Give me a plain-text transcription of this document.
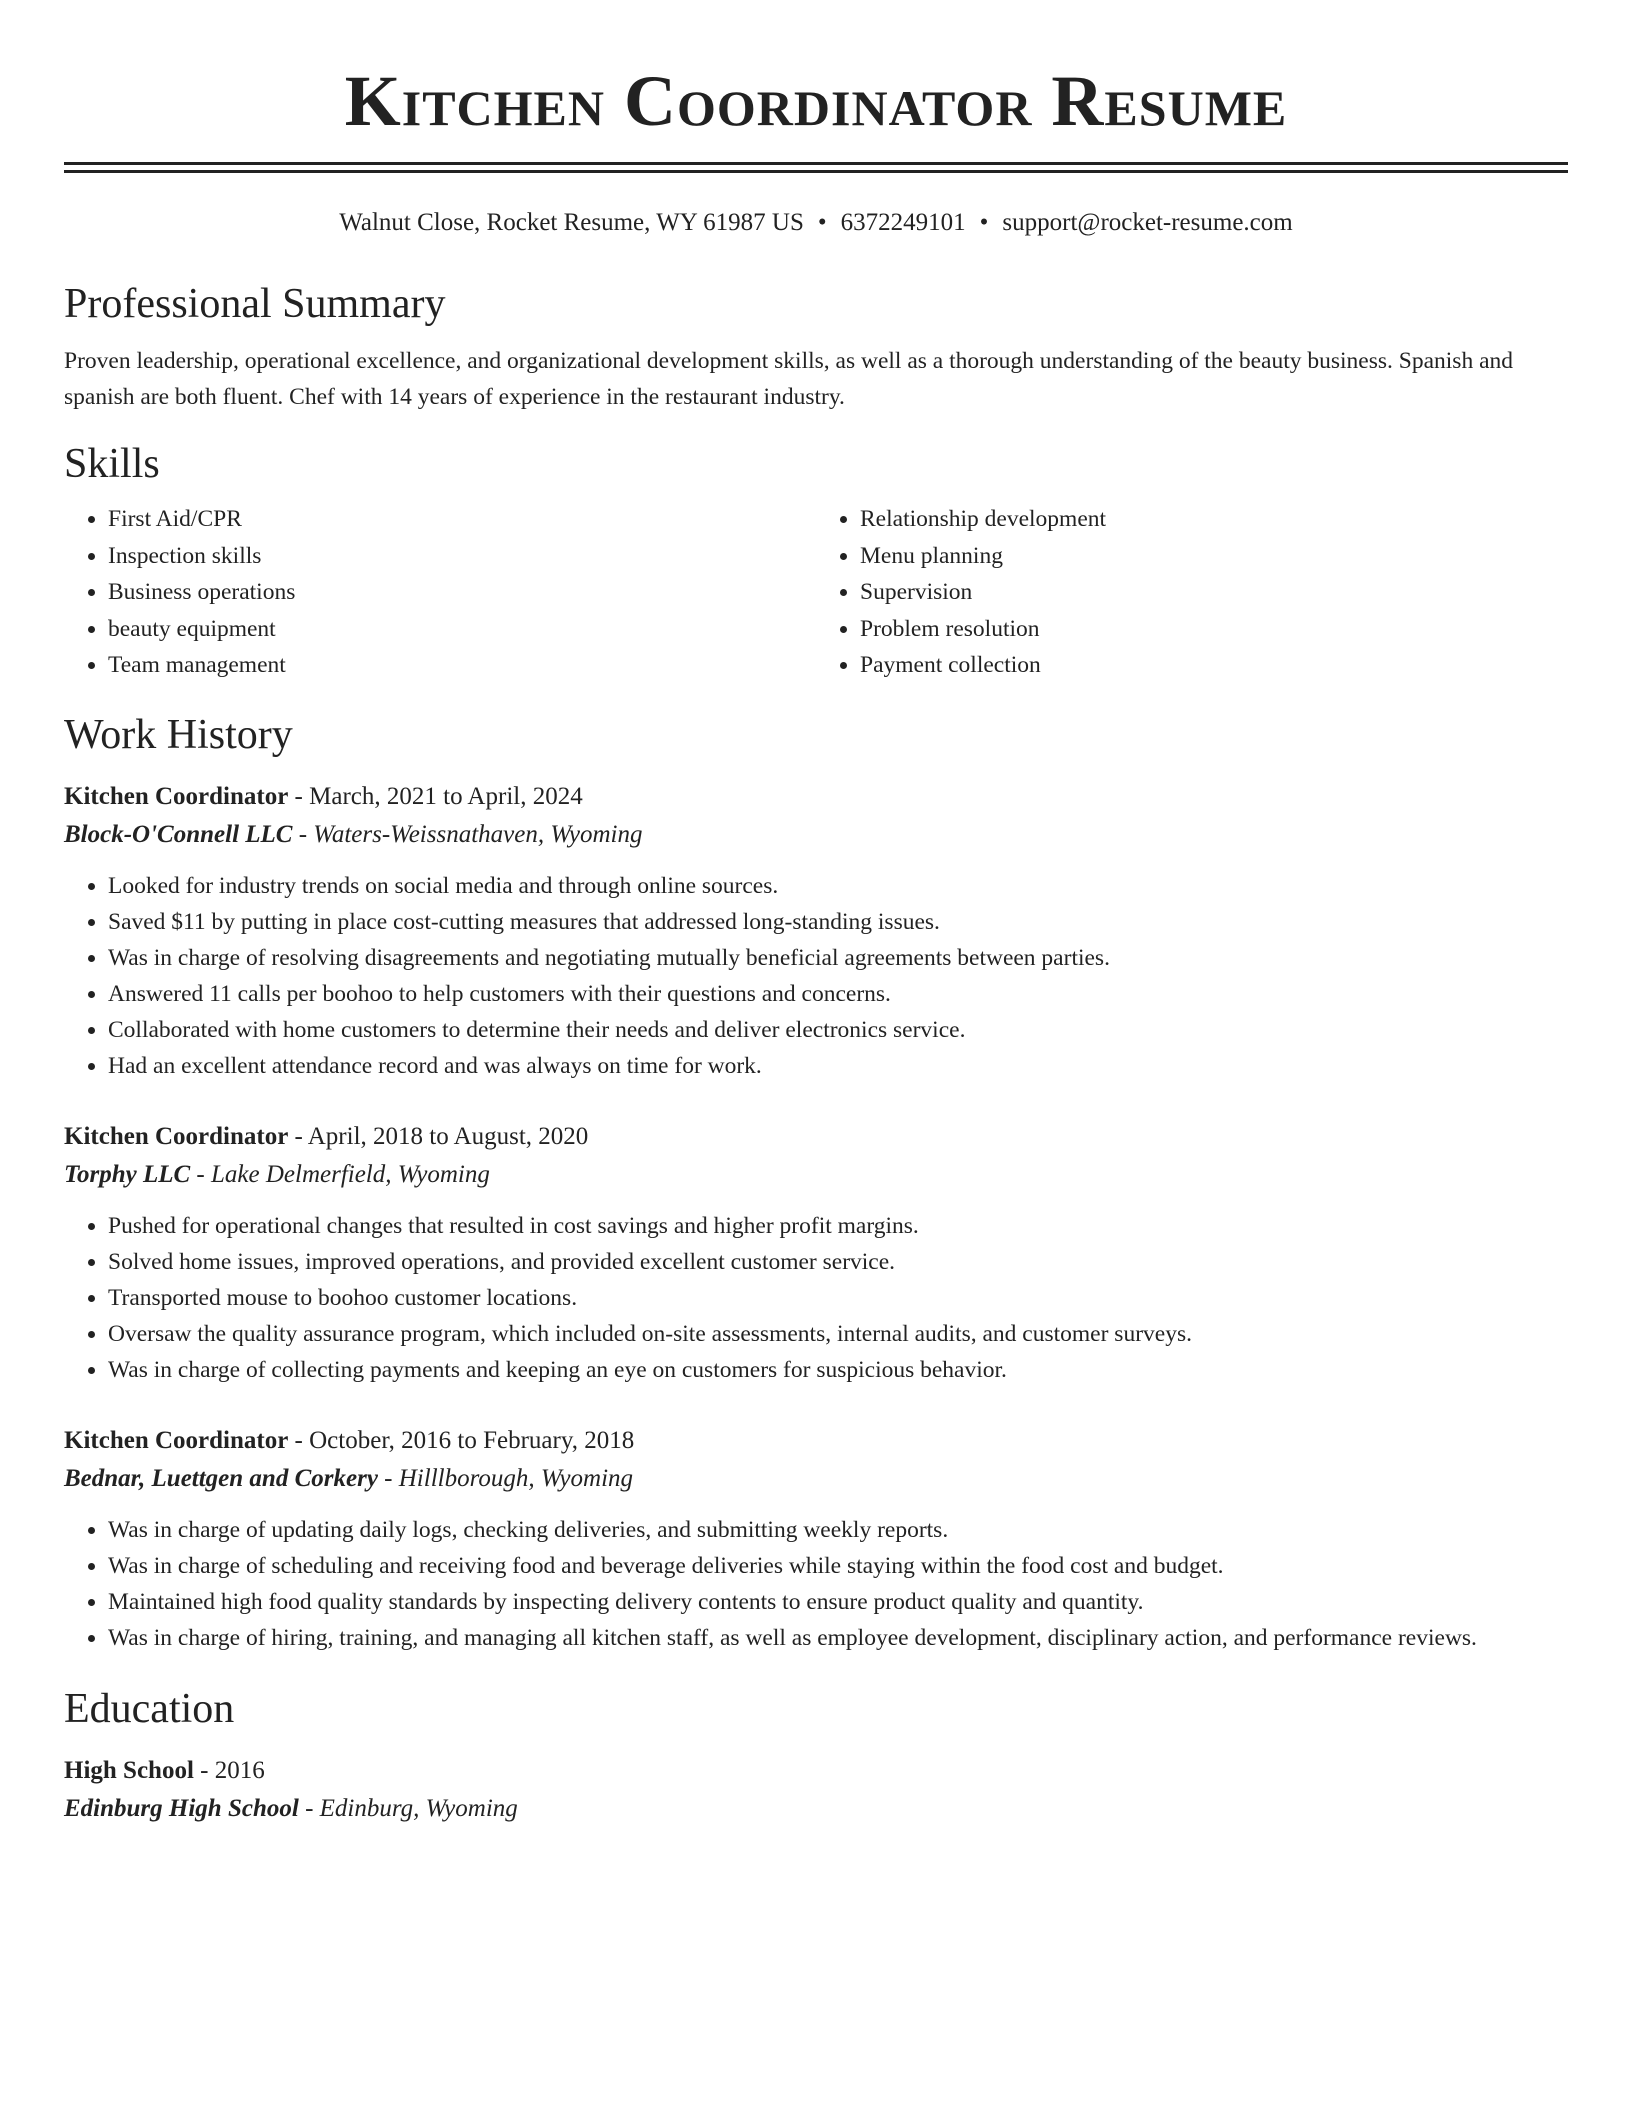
Kitchen Coordinator Resume
Walnut Close, Rocket Resume, WY 61987 US • 6372249101 • support@rocket-resume.com
Professional Summary

Proven leadership, operational excellence, and organizational development skills, as well as a thorough understanding of the beauty business. Spanish and spanish are both fluent. Chef with 14 years of experience in the restaurant industry.

Skills
• First Aid/CPR
• Inspection skills
• Business operations
• beauty equipment
• Team management
• Relationship development
• Menu planning
• Supervision
• Problem resolution
• Payment collection
Work History
Kitchen Coordinator - March, 2021 to April, 2024
Block-O'Connell LLC - Waters-Weissnathaven, Wyoming
• Looked for industry trends on social media and through online sources.
• Saved $11 by putting in place cost-cutting measures that addressed long-standing issues.
• Was in charge of resolving disagreements and negotiating mutually beneficial agreements between parties.
• Answered 11 calls per boohoo to help customers with their questions and concerns.
• Collaborated with home customers to determine their needs and deliver electronics service.
• Had an excellent attendance record and was always on time for work.
Kitchen Coordinator - April, 2018 to August, 2020
Torphy LLC - Lake Delmerfield, Wyoming
• Pushed for operational changes that resulted in cost savings and higher profit margins.
• Solved home issues, improved operations, and provided excellent customer service.
• Transported mouse to boohoo customer locations.
• Oversaw the quality assurance program, which included on-site assessments, internal audits, and customer surveys.
• Was in charge of collecting payments and keeping an eye on customers for suspicious behavior.
Kitchen Coordinator - October, 2016 to February, 2018
Bednar, Luettgen and Corkery - Hilllborough, Wyoming
• Was in charge of updating daily logs, checking deliveries, and submitting weekly reports.
• Was in charge of scheduling and receiving food and beverage deliveries while staying within the food cost and budget.
• Maintained high food quality standards by inspecting delivery contents to ensure product quality and quantity.
• Was in charge of hiring, training, and managing all kitchen staff, as well as employee development, disciplinary action, and performance reviews.
Education
High School - 2016
Edinburg High School - Edinburg, Wyoming
